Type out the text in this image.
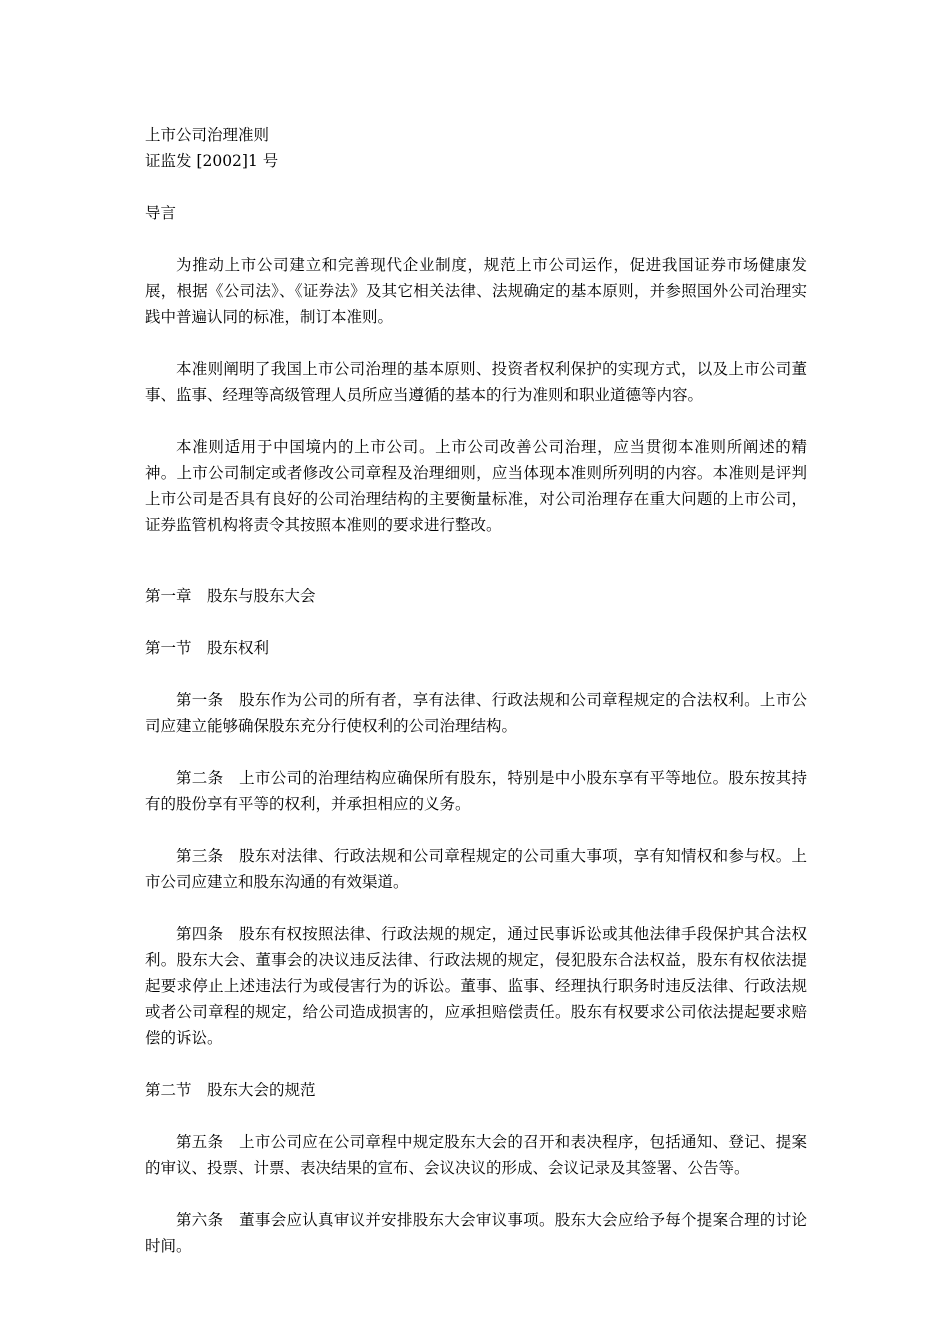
上市公司治理准则
证监发 [2002]1 号
导言

为推动上市公司建立和完善现代企业制度，规范上市公司运作，促进我国证券市场健康发展，根据《公司法》、《证券法》及其它相关法律、法规确定的基本原则，并参照国外公司治理实践中普遍认同的标准，制订本准则。

本准则阐明了我国上市公司治理的基本原则、投资者权利保护的实现方式，以及上市公司董事、监事、经理等高级管理人员所应当遵循的基本的行为准则和职业道德等内容。

本准则适用于中国境内的上市公司。上市公司改善公司治理，应当贯彻本准则所阐述的精神。上市公司制定或者修改公司章程及治理细则，应当体现本准则所列明的内容。本准则是评判上市公司是否具有良好的公司治理结构的主要衡量标准，对公司治理存在重大问题的上市公司，证券监管机构将责令其按照本准则的要求进行整改。

第一章　股东与股东大会
第一节　股东权利

第一条　股东作为公司的所有者，享有法律、行政法规和公司章程规定的合法权利。上市公司应建立能够确保股东充分行使权利的公司治理结构。

第二条　上市公司的治理结构应确保所有股东，特别是中小股东享有平等地位。股东按其持有的股份享有平等的权利，并承担相应的义务。

第三条　股东对法律、行政法规和公司章程规定的公司重大事项，享有知情权和参与权。上市公司应建立和股东沟通的有效渠道。

第四条　股东有权按照法律、行政法规的规定，通过民事诉讼或其他法律手段保护其合法权利。股东大会、董事会的决议违反法律、行政法规的规定，侵犯股东合法权益，股东有权依法提起要求停止上述违法行为或侵害行为的诉讼。董事、监事、经理执行职务时违反法律、行政法规或者公司章程的规定，给公司造成损害的，应承担赔偿责任。股东有权要求公司依法提起要求赔偿的诉讼。

第二节　股东大会的规范

第五条　上市公司应在公司章程中规定股东大会的召开和表决程序，包括通知、登记、提案的审议、投票、计票、表决结果的宣布、会议决议的形成、会议记录及其签署、公告等。

第六条　董事会应认真审议并安排股东大会审议事项。股东大会应给予每个提案合理的讨论时间。
